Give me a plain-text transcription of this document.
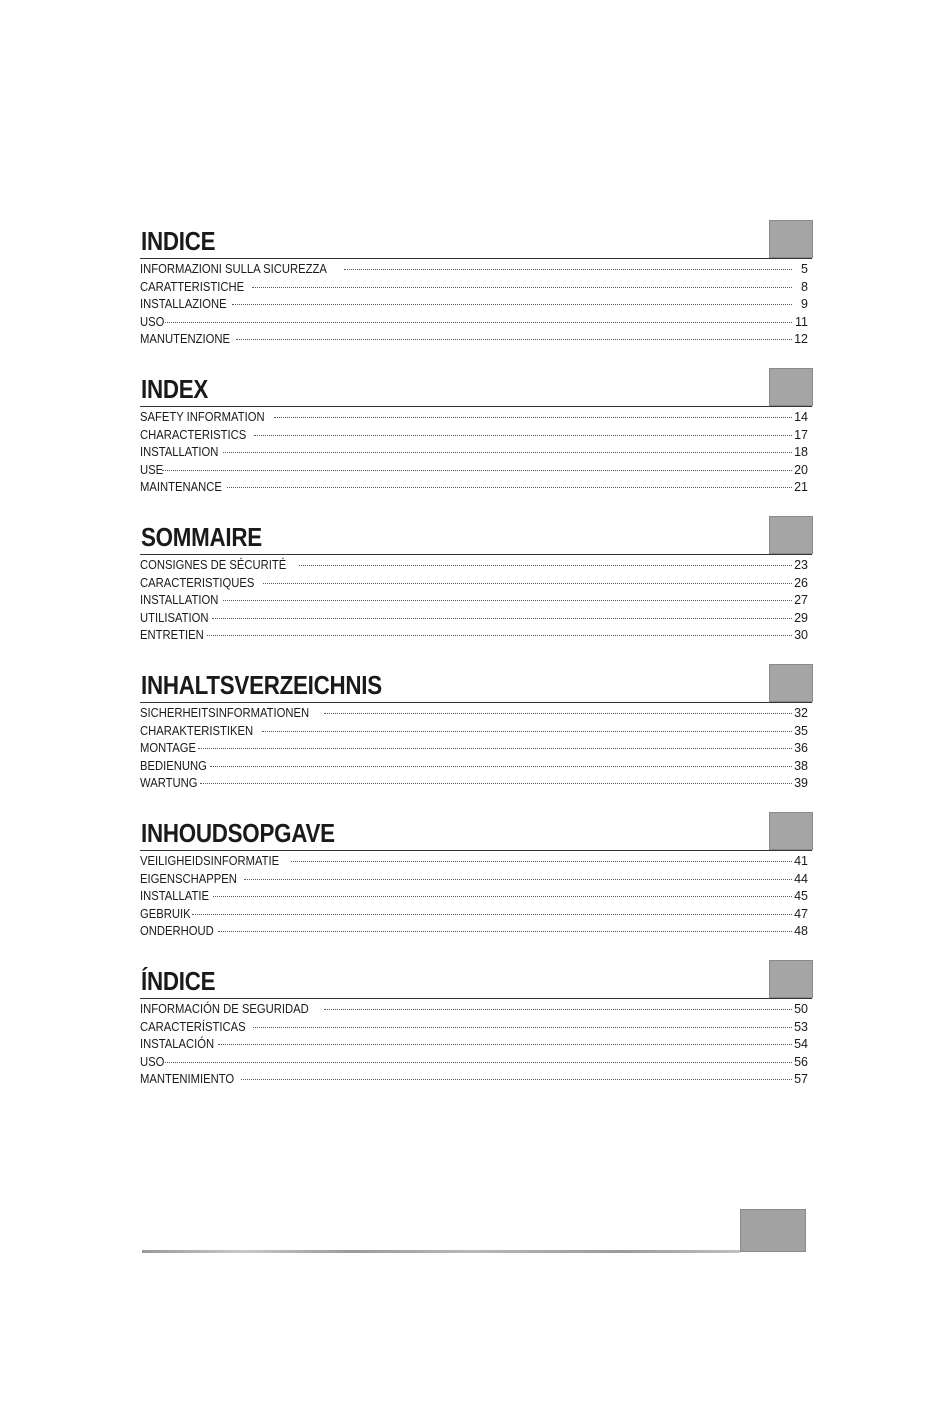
INDICE
INFORMAZIONI SULLA SICUREZZA	5
CARATTERISTICHE	8
INSTALLAZIONE	9
USO	11
MANUTENZIONE	12
INDEX
SAFETY INFORMATION	14
CHARACTERISTICS	17
INSTALLATION	18
USE	20
MAINTENANCE	21
SOMMAIRE
CONSIGNES DE SÉCURITÉ	23
CARACTERISTIQUES	26
INSTALLATION	27
UTILISATION	29
ENTRETIEN	30
INHALTSVERZEICHNIS
SICHERHEITSINFORMATIONEN	32
CHARAKTERISTIKEN	35
MONTAGE	36
BEDIENUNG	38
WARTUNG	39
INHOUDSOPGAVE
VEILIGHEIDSINFORMATIE	41
EIGENSCHAPPEN	44
INSTALLATIE	45
GEBRUIK	47
ONDERHOUD	48
ÍNDICE
INFORMACIÓN DE SEGURIDAD	50
CARACTERÍSTICAS	53
INSTALACIÓN	54
USO	56
MANTENIMIENTO	57
